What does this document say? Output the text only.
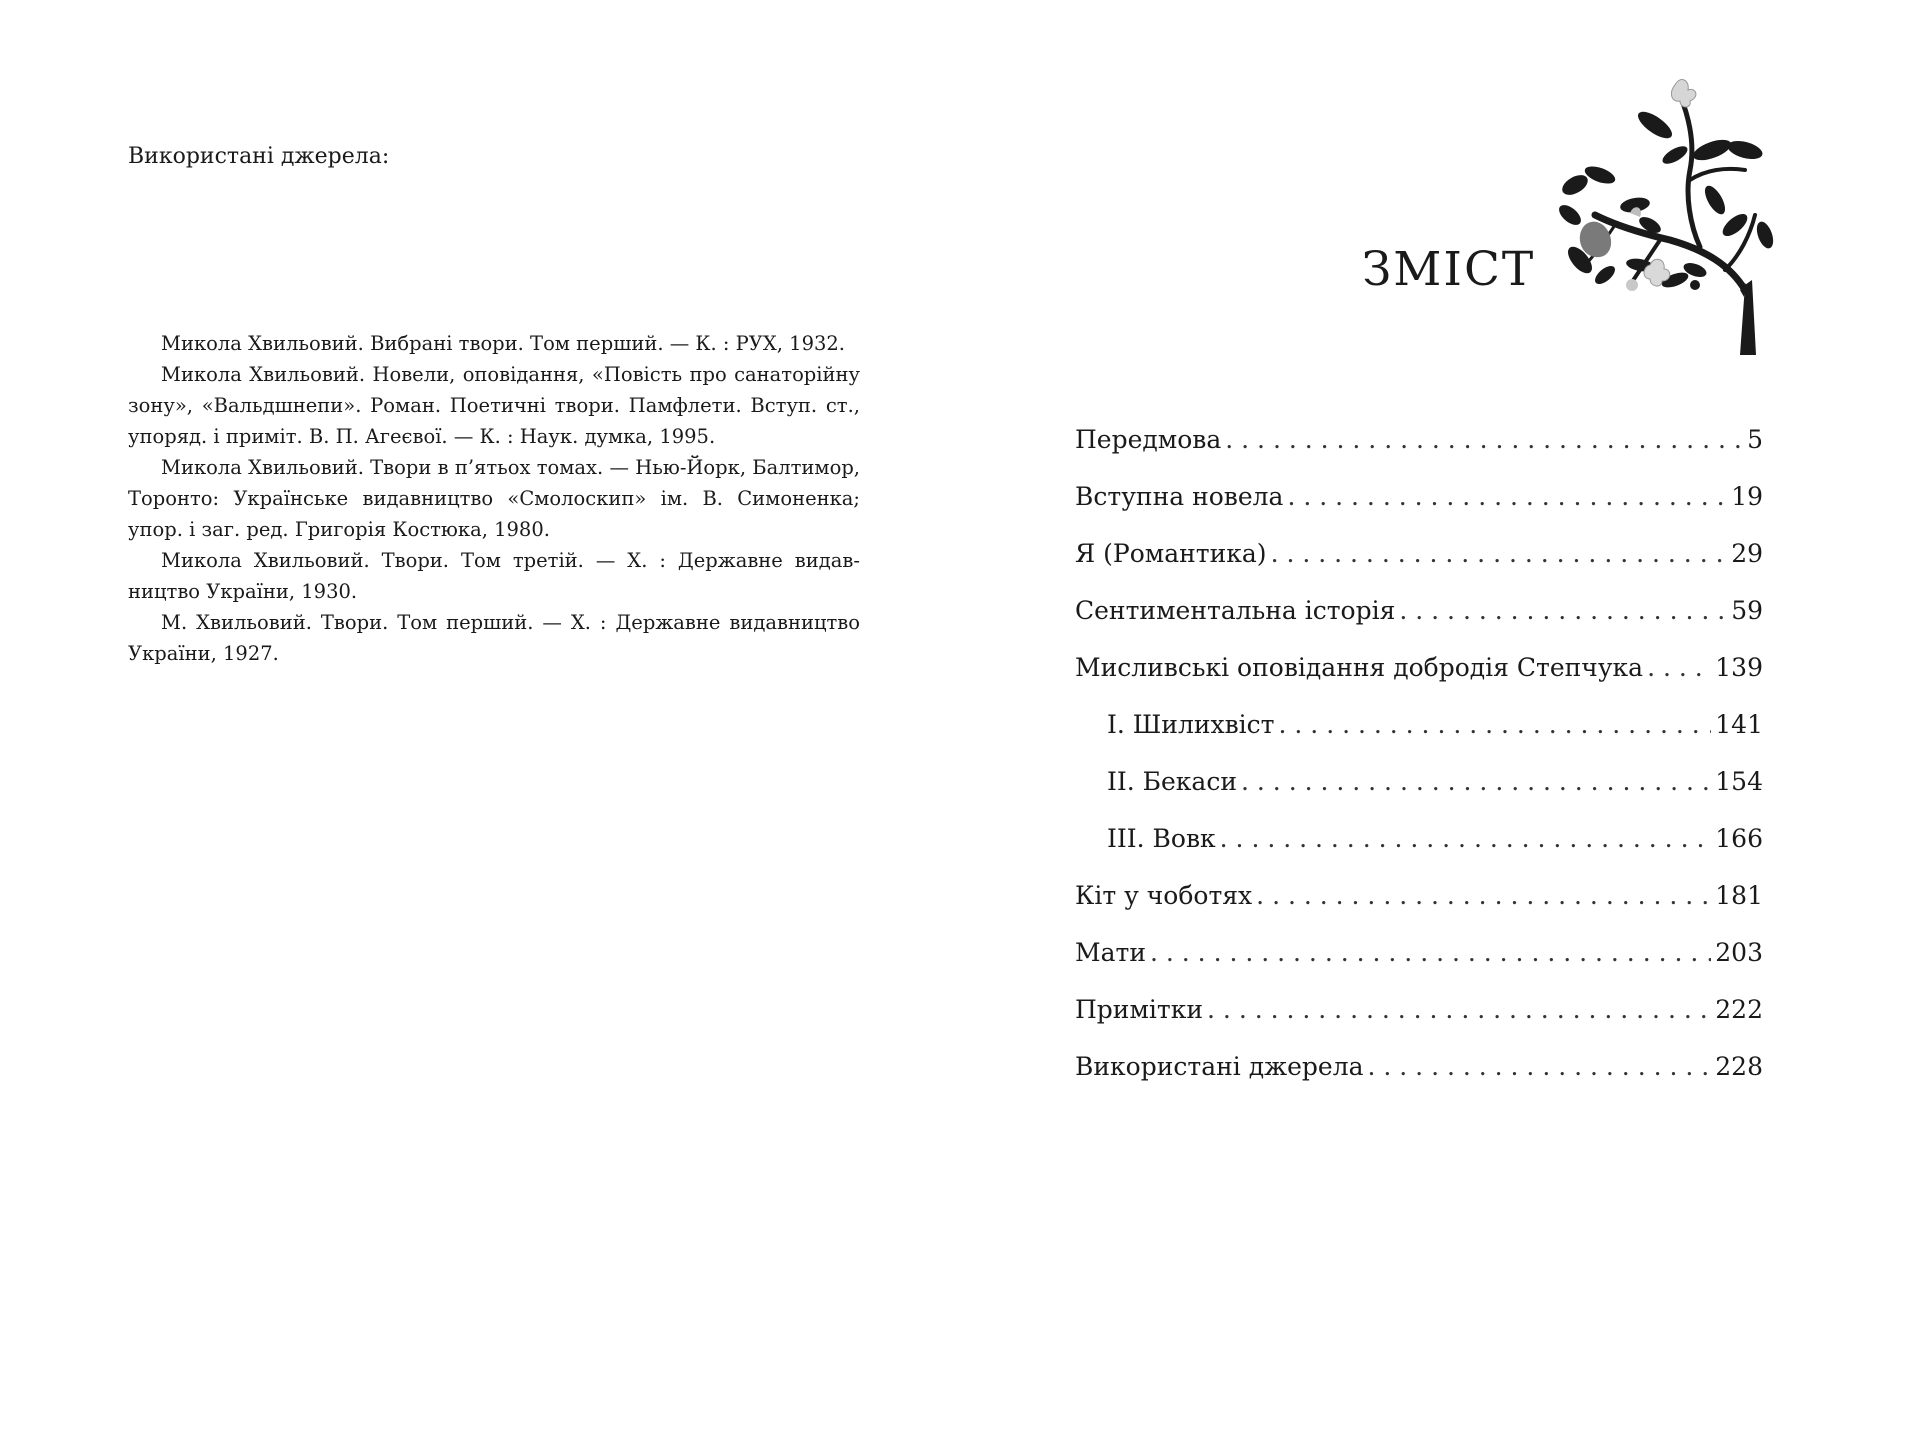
Використані джерела:

Микола Хвильовий. Вибрані твори. Том перший. — К. : РУХ, 1932.

Микола Хвильовий. Новели, оповідання, «Повість про санаторійну зону», «Вальдшнепи». Роман. Поетичні твори. Памфлети. Вступ. ст., упоряд. і приміт. В. П. Агеєвої. — К. : Наук. думка, 1995.

Микола Хвильовий. Твори в п’ятьох томах. — Нью-Йорк, Балтимор, Торонто: Українське видавництво «Смолоскип» ім. В. Симоненка; упор. і заг. ред. Григорія Костюка, 1980.

Микола Хвильовий. Твори. Том третій. — Х. : Державне видавництво України, 1930.

М. Хвильовий. Твори. Том перший. — Х. : Державне видавництво України, 1927.

ЗМІСТ
Передмова . . .	5
Вступна новела . . .	19
Я (Романтика) . . .	29
Сентиментальна історія . . .	59
Мисливські оповідання добродія Степчука . . .	139
І. Шилихвіст . . .	141
ІІ. Бекаси . . .	154
ІІІ. Вовк . . .	166
Кіт у чоботях . . .	181
Мати . . .	203
Примітки . . .	222
Використані джерела . . .	228
